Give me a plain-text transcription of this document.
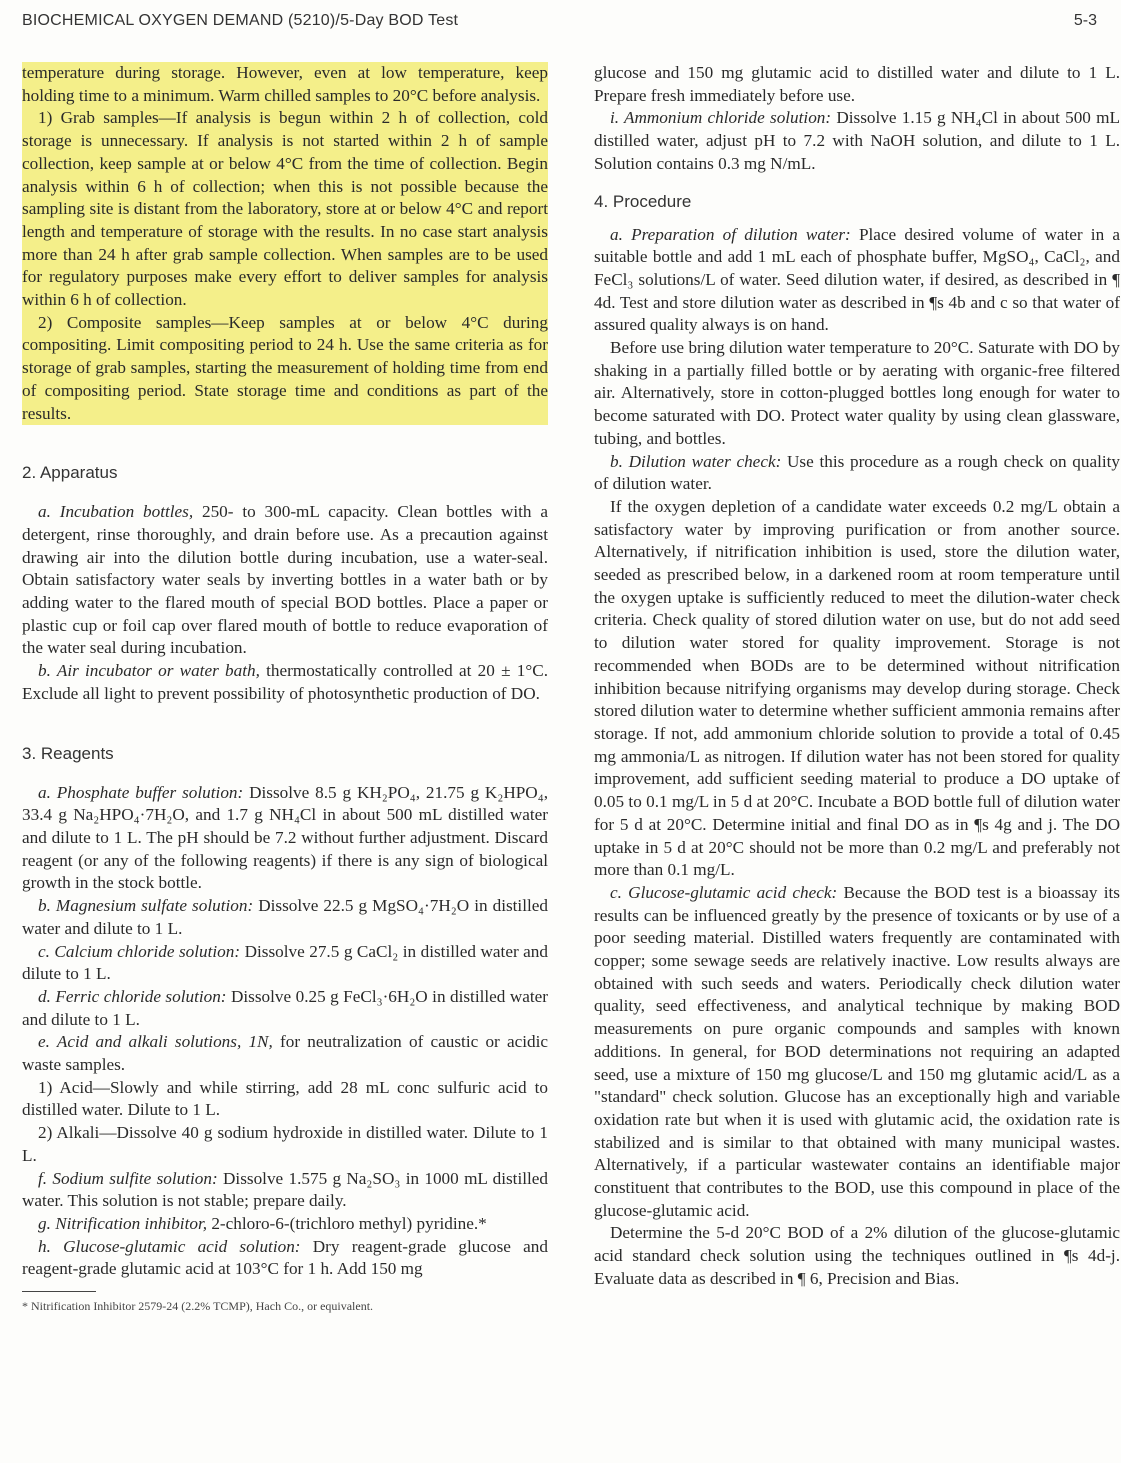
BIOCHEMICAL OXYGEN DEMAND (5210)/5-Day BOD Test	5-3

temperature during storage. However, even at low temperature, keep holding time to a minimum. Warm chilled samples to 20°C before analysis.

1) Grab samples—If analysis is begun within 2 h of collection, cold storage is unnecessary. If analysis is not started within 2 h of sample collection, keep sample at or below 4°C from the time of collection. Begin analysis within 6 h of collection; when this is not possible because the sampling site is distant from the laboratory, store at or below 4°C and report length and temperature of storage with the results. In no case start analysis more than 24 h after grab sample collection. When samples are to be used for regulatory purposes make every effort to deliver samples for analysis within 6 h of collection.

2) Composite samples—Keep samples at or below 4°C during compositing. Limit compositing period to 24 h. Use the same criteria as for storage of grab samples, starting the measurement of holding time from end of compositing period. State storage time and conditions as part of the results.

2. Apparatus

a. Incubation bottles, 250- to 300-mL capacity. Clean bottles with a detergent, rinse thoroughly, and drain before use. As a precaution against drawing air into the dilution bottle during incubation, use a water-seal. Obtain satisfactory water seals by inverting bottles in a water bath or by adding water to the flared mouth of special BOD bottles. Place a paper or plastic cup or foil cap over flared mouth of bottle to reduce evaporation of the water seal during incubation.

b. Air incubator or water bath, thermostatically controlled at 20 ± 1°C. Exclude all light to prevent possibility of photosynthetic production of DO.

3. Reagents

a. Phosphate buffer solution: Dissolve 8.5 g KH₂PO₄, 21.75 g K₂HPO₄, 33.4 g Na₂HPO₄·7H₂O, and 1.7 g NH₄Cl in about 500 mL distilled water and dilute to 1 L. The pH should be 7.2 without further adjustment. Discard reagent (or any of the following reagents) if there is any sign of biological growth in the stock bottle.

b. Magnesium sulfate solution: Dissolve 22.5 g MgSO₄·7H₂O in distilled water and dilute to 1 L.

c. Calcium chloride solution: Dissolve 27.5 g CaCl₂ in distilled water and dilute to 1 L.

d. Ferric chloride solution: Dissolve 0.25 g FeCl₃·6H₂O in distilled water and dilute to 1 L.

e. Acid and alkali solutions, 1N, for neutralization of caustic or acidic waste samples.

1) Acid—Slowly and while stirring, add 28 mL conc sulfuric acid to distilled water. Dilute to 1 L.

2) Alkali—Dissolve 40 g sodium hydroxide in distilled water. Dilute to 1 L.

f. Sodium sulfite solution: Dissolve 1.575 g Na₂SO₃ in 1000 mL distilled water. This solution is not stable; prepare daily.

g. Nitrification inhibitor, 2-chloro-6-(trichloro methyl) pyridine.*

h. Glucose-glutamic acid solution: Dry reagent-grade glucose and reagent-grade glutamic acid at 103°C for 1 h. Add 150 mg

* Nitrification Inhibitor 2579-24 (2.2% TCMP), Hach Co., or equivalent.

glucose and 150 mg glutamic acid to distilled water and dilute to 1 L. Prepare fresh immediately before use.

i. Ammonium chloride solution: Dissolve 1.15 g NH₄Cl in about 500 mL distilled water, adjust pH to 7.2 with NaOH solution, and dilute to 1 L. Solution contains 0.3 mg N/mL.

4. Procedure

a. Preparation of dilution water: Place desired volume of water in a suitable bottle and add 1 mL each of phosphate buffer, MgSO₄, CaCl₂, and FeCl₃ solutions/L of water. Seed dilution water, if desired, as described in ¶ 4d. Test and store dilution water as described in ¶s 4b and c so that water of assured quality always is on hand.

Before use bring dilution water temperature to 20°C. Saturate with DO by shaking in a partially filled bottle or by aerating with organic-free filtered air. Alternatively, store in cotton-plugged bottles long enough for water to become saturated with DO. Protect water quality by using clean glassware, tubing, and bottles.

b. Dilution water check: Use this procedure as a rough check on quality of dilution water.

If the oxygen depletion of a candidate water exceeds 0.2 mg/L obtain a satisfactory water by improving purification or from another source. Alternatively, if nitrification inhibition is used, store the dilution water, seeded as prescribed below, in a darkened room at room temperature until the oxygen uptake is sufficiently reduced to meet the dilution-water check criteria. Check quality of stored dilution water on use, but do not add seed to dilution water stored for quality improvement. Storage is not recommended when BODs are to be determined without nitrification inhibition because nitrifying organisms may develop during storage. Check stored dilution water to determine whether sufficient ammonia remains after storage. If not, add ammonium chloride solution to provide a total of 0.45 mg ammonia/L as nitrogen. If dilution water has not been stored for quality improvement, add sufficient seeding material to produce a DO uptake of 0.05 to 0.1 mg/L in 5 d at 20°C. Incubate a BOD bottle full of dilution water for 5 d at 20°C. Determine initial and final DO as in ¶s 4g and j. The DO uptake in 5 d at 20°C should not be more than 0.2 mg/L and preferably not more than 0.1 mg/L.

c. Glucose-glutamic acid check: Because the BOD test is a bioassay its results can be influenced greatly by the presence of toxicants or by use of a poor seeding material. Distilled waters frequently are contaminated with copper; some sewage seeds are relatively inactive. Low results always are obtained with such seeds and waters. Periodically check dilution water quality, seed effectiveness, and analytical technique by making BOD measurements on pure organic compounds and samples with known additions. In general, for BOD determinations not requiring an adapted seed, use a mixture of 150 mg glucose/L and 150 mg glutamic acid/L as a "standard" check solution. Glucose has an exceptionally high and variable oxidation rate but when it is used with glutamic acid, the oxidation rate is stabilized and is similar to that obtained with many municipal wastes. Alternatively, if a particular wastewater contains an identifiable major constituent that contributes to the BOD, use this compound in place of the glucose-glutamic acid.

Determine the 5-d 20°C BOD of a 2% dilution of the glucose-glutamic acid standard check solution using the techniques outlined in ¶s 4d-j. Evaluate data as described in ¶ 6, Precision and Bias.
